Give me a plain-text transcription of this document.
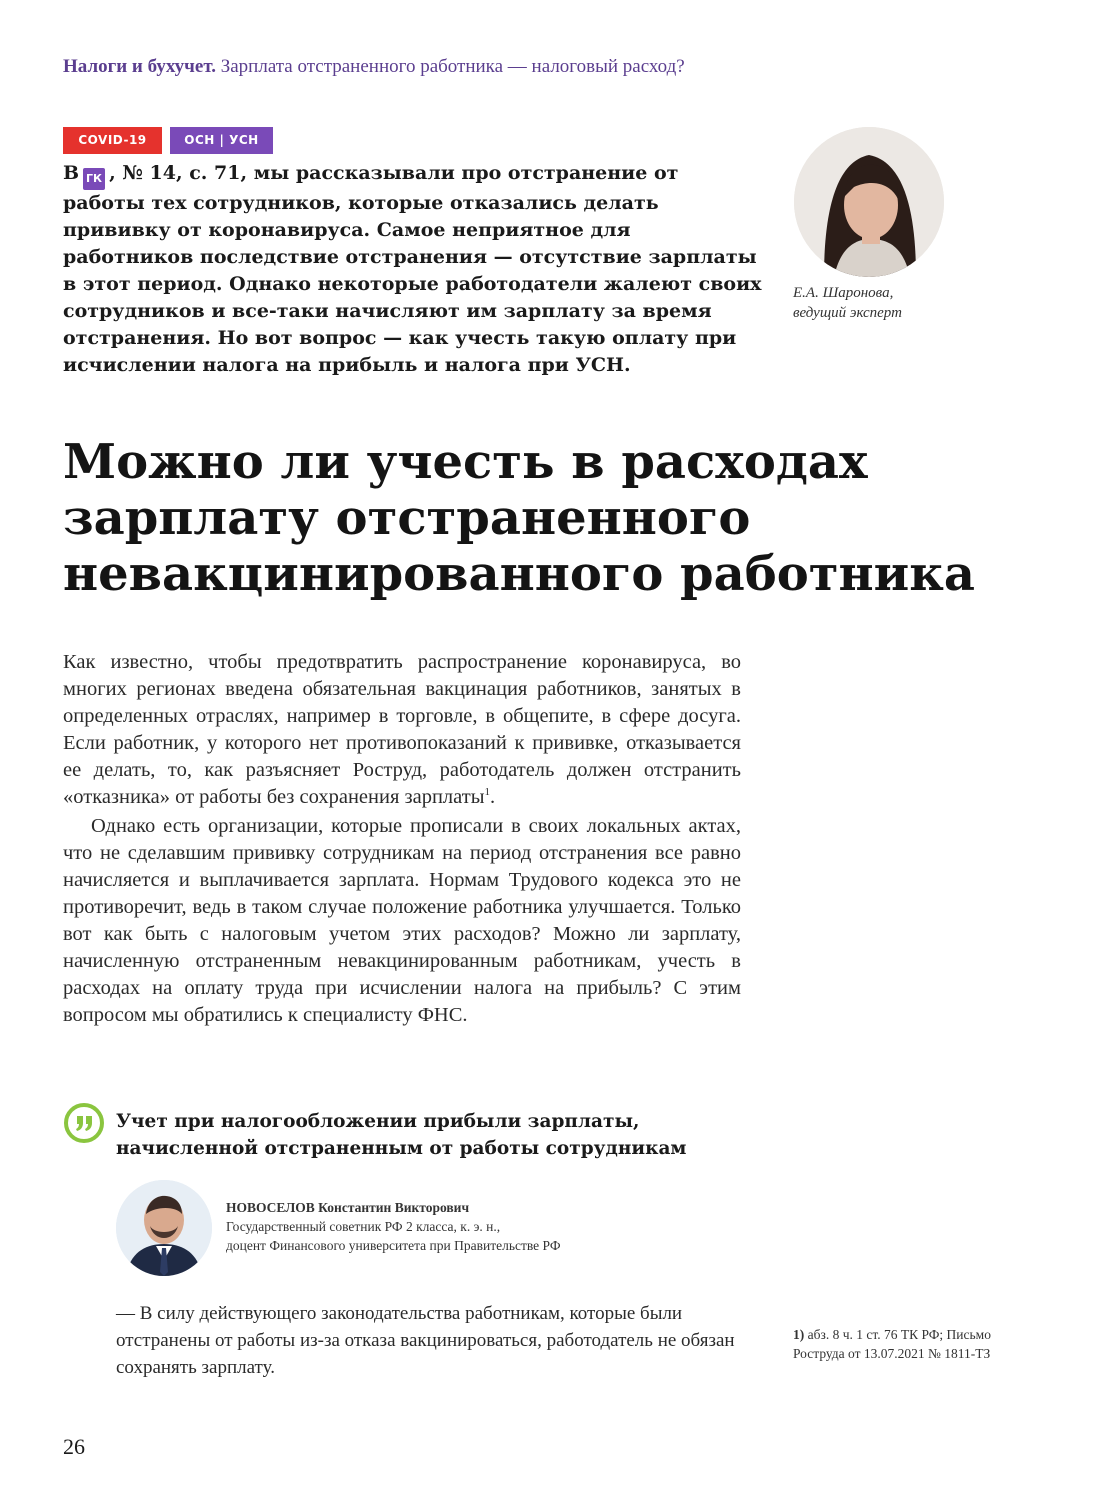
Налоги и бухучет. Зарплата отстраненного работника — налоговый расход?
COVID-19	ОСН | УСН
В ГК , № 14, с. 71, мы рассказывали про отстранение от работы тех сотрудников, которые отказались делать прививку от коронавируса. Самое неприятное для работников последствие отстранения — отсутствие зарплаты в этот период. Однако некоторые работодатели жалеют своих сотрудников и все-таки начисляют им зарплату за время отстранения. Но вот вопрос — как учесть такую оплату при исчислении налога на прибыль и налога при УСН.
Е.А. Шаронова,
ведущий эксперт
Можно ли учесть в расходах зарплату отстраненного невакцинированного работника

Как известно, чтобы предотвратить распространение коронавируса, во многих регионах введена обязательная вакцинация работников, занятых в определенных отраслях, например в торговле, в общепите, в сфере досуга. Если работник, у которого нет противопоказаний к прививке, отказывается ее делать, то, как разъясняет Роструд, работодатель должен отстранить «отказника» от работы без сохранения зарплаты$^1$.

Однако есть организации, которые прописали в своих локальных актах, что не сделавшим прививку сотрудникам на период отстранения все равно начисляется и выплачивается зарплата. Нормам Трудового кодекса это не противоречит, ведь в таком случае положение работника улучшается. Только вот как быть с налоговым учетом этих расходов? Можно ли зарплату, начисленную отстраненным невакцинированным работникам, учесть в расходах на оплату труда при исчислении налога на прибыль? С этим вопросом мы обратились к специалисту ФНС.

Учет при налогообложении прибыли зарплаты, начисленной отстраненным от работы сотрудникам
НОВОСЕЛОВ Константин Викторович
Государственный советник РФ 2 класса, к. э. н.,
доцент Финансового университета при Правительстве РФ
— В силу действующего законодательства работникам, которые были отстранены от работы из-за отказа вакцинироваться, работодатель не обязан сохранять зарплату.
1) абз. 8 ч. 1 ст. 76 ТК РФ; Письмо Роструда от 13.07.2021 № 1811-ТЗ
26
